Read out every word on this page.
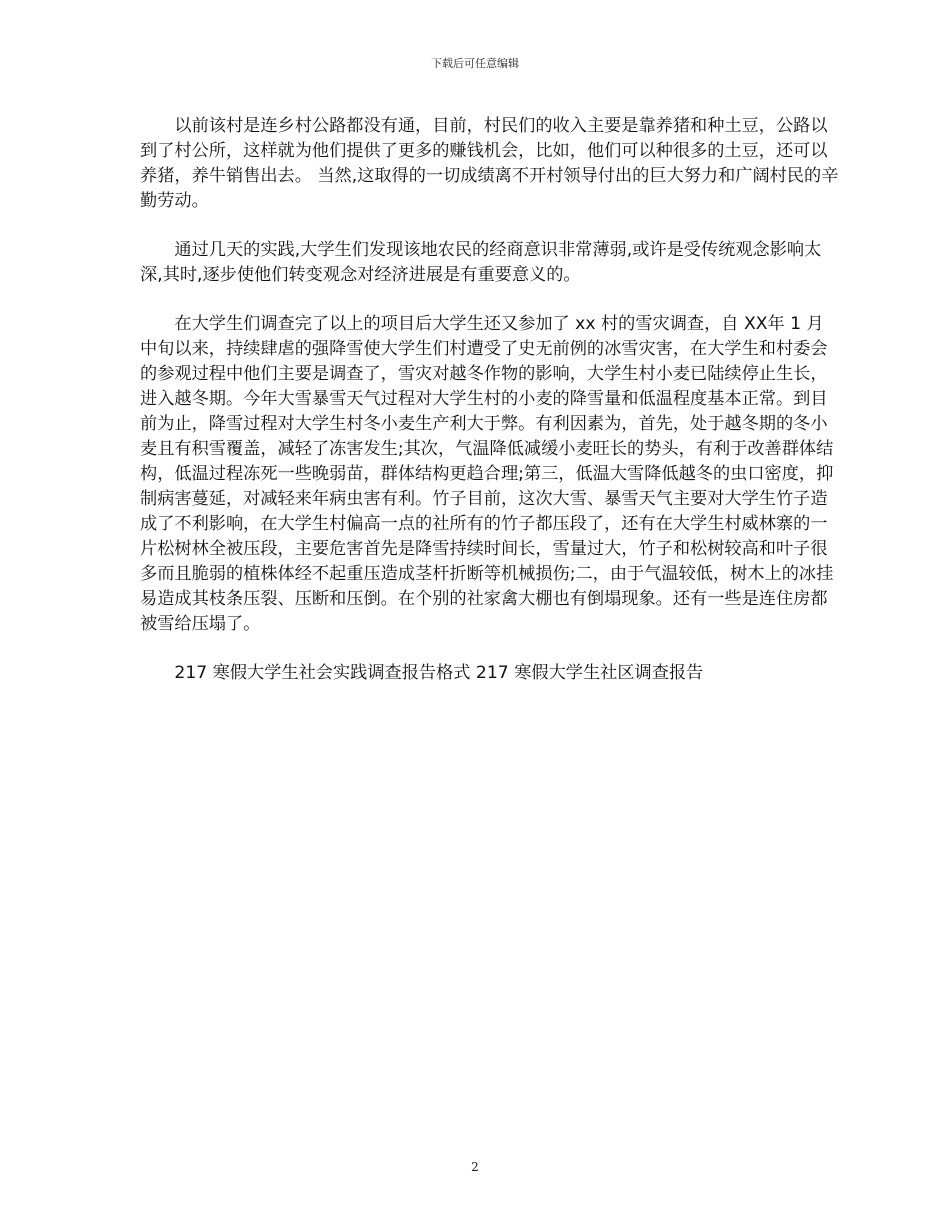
下载后可任意编辑

以前该村是连乡村公路都没有通，目前，村民们的收入主要是靠养猪和种土豆，公路以到了村公所，这样就为他们提供了更多的赚钱机会，比如，他们可以种很多的土豆，还可以养猪，养牛销售出去。 当然,这取得的一切成绩离不开村领导付出的巨大努力和广阔村民的辛勤劳动。

通过几天的实践,大学生们发现该地农民的经商意识非常薄弱,或许是受传统观念影响太深,其时,逐步使他们转变观念对经济进展是有重要意义的。

在大学生们调查完了以上的项目后大学生还又参加了 xx 村的雪灾调查，自 XX年 1 月中旬以来，持续肆虐的强降雪使大学生们村遭受了史无前例的冰雪灾害，在大学生和村委会的参观过程中他们主要是调查了，雪灾对越冬作物的影响，大学生村小麦已陆续停止生长，进入越冬期。今年大雪暴雪天气过程对大学生村的小麦的降雪量和低温程度基本正常。到目前为止，降雪过程对大学生村冬小麦生产利大于弊。有利因素为，首先，处于越冬期的冬小麦且有积雪覆盖，减轻了冻害发生;其次，气温降低减缓小麦旺长的势头，有利于改善群体结构，低温过程冻死一些晚弱苗，群体结构更趋合理;第三，低温大雪降低越冬的虫口密度，抑制病害蔓延，对减轻来年病虫害有利。竹子目前，这次大雪、暴雪天气主要对大学生竹子造成了不利影响，在大学生村偏高一点的社所有的竹子都压段了，还有在大学生村威林寨的一片松树林全被压段，主要危害首先是降雪持续时间长，雪量过大，竹子和松树较高和叶子很多而且脆弱的植株体经不起重压造成茎杆折断等机械损伤;二，由于气温较低，树木上的冰挂易造成其枝条压裂、压断和压倒。在个别的社家禽大棚也有倒塌现象。还有一些是连住房都被雪给压塌了。

217 寒假大学生社会实践调查报告格式 217 寒假大学生社区调查报告

2
